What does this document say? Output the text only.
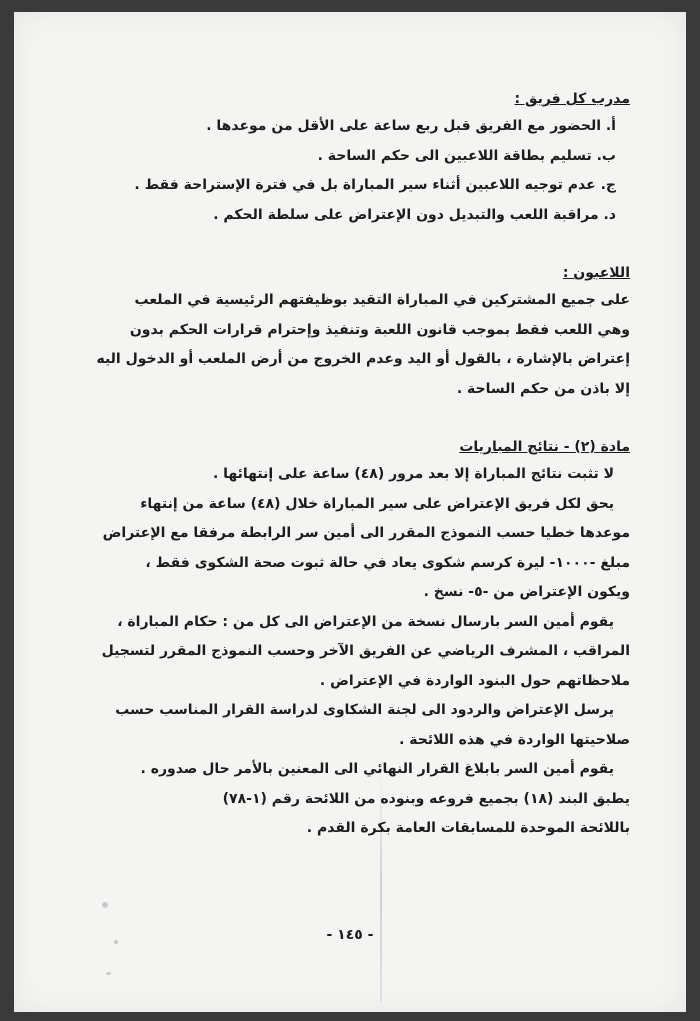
مدرب كل فريق :

أ. الحضور مع الفريق قبل ربع ساعة على الأقل من موعدها .

ب. تسليم بطاقة اللاعبين الى حكم الساحة .

ج. عدم توجيه اللاعبين أثناء سير المباراة بل في فترة الإستراحة فقط .

د. مراقبة اللعب والتبديل دون الإعتراض على سلطة الحكم .

اللاعبون :

على جميع المشتركين في المباراة التقيد بوظيفتهم الرئيسية في الملعب

وهي اللعب فقط بموجب قانون اللعبة وتنفيذ وإحترام قرارات الحكم بدون

إعتراض بالإشارة ، بالقول أو اليد وعدم الخروج من أرض الملعب أو الدخول اليه

إلا باذن من حكم الساحة .

مادة (٢) - نتائج المباريات

لا تثبت نتائج المباراة إلا بعد مرور (٤٨) ساعة على إنتهائها .

يحق لكل فريق الإعتراض على سير المباراة خلال (٤٨) ساعة من إنتهاء

موعدها خطيا حسب النموذج المقرر الى أمين سر الرابطة مرفقا مع الإعتراض

مبلغ -١٠٠٠- ليرة كرسم شكوى يعاد في حالة ثبوت صحة الشكوى فقط ،

ويكون الإعتراض من -٥- نسخ .

يقوم أمين السر بارسال نسخة من الإعتراض الى كل من : حكام المباراة ،

المراقب ، المشرف الرياضي عن الفريق الآخر وحسب النموذج المقرر لتسجيل

ملاحظاتهم حول البنود الواردة في الإعتراض .

يرسل الإعتراض والردود الى لجنة الشكاوى لدراسة القرار المناسب حسب

صلاحيتها الواردة في هذه اللائحة .

يقوم أمين السر بابلاغ القرار النهائي الى المعنين بالأمر حال صدوره .

يطبق البند (١٨) بجميع فروعه وبنوده من اللائحة رقم (١-٧٨)

باللائحة الموحدة للمسابقات العامة بكرة القدم .

- ١٤٥ -
